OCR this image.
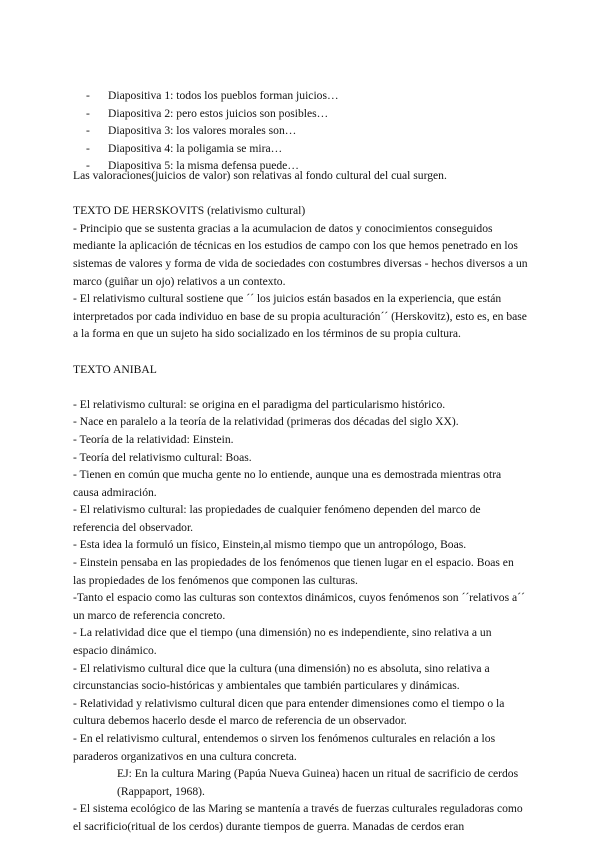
- Diapositiva 1: todos los pueblos forman juicios…
- Diapositiva 2: pero estos juicios son posibles…
- Diapositiva 3: los valores morales son…
- Diapositiva 4: la poligamia se mira…
- Diapositiva 5: la misma defensa puede…

Las valoraciones(juicios de valor) son relativas al fondo cultural del cual surgen.

TEXTO DE HERSKOVITS (relativismo cultural)

- Principio que se sustenta gracias a la acumulacion de datos y conocimientos conseguidos mediante la aplicación de técnicas en los estudios de campo con los que hemos penetrado en los sistemas de valores y forma de vida de sociedades con costumbres diversas - hechos diversos a un marco (guiñar un ojo) relativos a un contexto.

- El relativismo cultural sostiene que ´´ los juicios están basados en la experiencia, que están interpretados por cada individuo en base de su propia aculturación´´ (Herskovitz), esto es, en base a la forma en que un sujeto ha sido socializado en los términos de su propia cultura.

TEXTO ANIBAL

- El relativismo cultural: se origina en el paradigma del particularismo histórico.

- Nace en paralelo a la teoría de la relatividad (primeras dos décadas del siglo XX).

- Teoría de la relatividad: Einstein.

- Teoría del relativismo cultural: Boas.

- Tienen en común que mucha gente no lo entiende, aunque una es demostrada mientras otra causa admiración.

- El relativismo cultural: las propiedades de cualquier fenómeno dependen del marco de referencia del observador.

- Esta idea la formuló un físico, Einstein,al mismo tiempo que un antropólogo, Boas.

- Einstein pensaba en las propiedades de los fenómenos que tienen lugar en el espacio. Boas en las propiedades de los fenómenos que componen las culturas.

-Tanto el espacio como las culturas son contextos dinámicos, cuyos fenómenos son ´´relativos a´´ un marco de referencia concreto.

- La relatividad dice que el tiempo (una dimensión) no es independiente, sino relativa a un espacio dinámico.

- El relativismo cultural dice que la cultura (una dimensión) no es absoluta, sino relativa a circunstancias socio-históricas y ambientales que también particulares y dinámicas.

- Relatividad y relativismo cultural dicen que para entender dimensiones como el tiempo o la cultura debemos hacerlo desde el marco de referencia de un observador.

- En el relativismo cultural, entendemos o sirven los fenómenos culturales en relación a los paraderos organizativos en una cultura concreta.

EJ: En la cultura Maring (Papúa Nueva Guinea) hacen un ritual de sacrificio de cerdos (Rappaport, 1968).

- El sistema ecológico de las Maring se mantenía a través de fuerzas culturales reguladoras como el sacrificio(ritual de los cerdos) durante tiempos de guerra. Manadas de cerdos eran
